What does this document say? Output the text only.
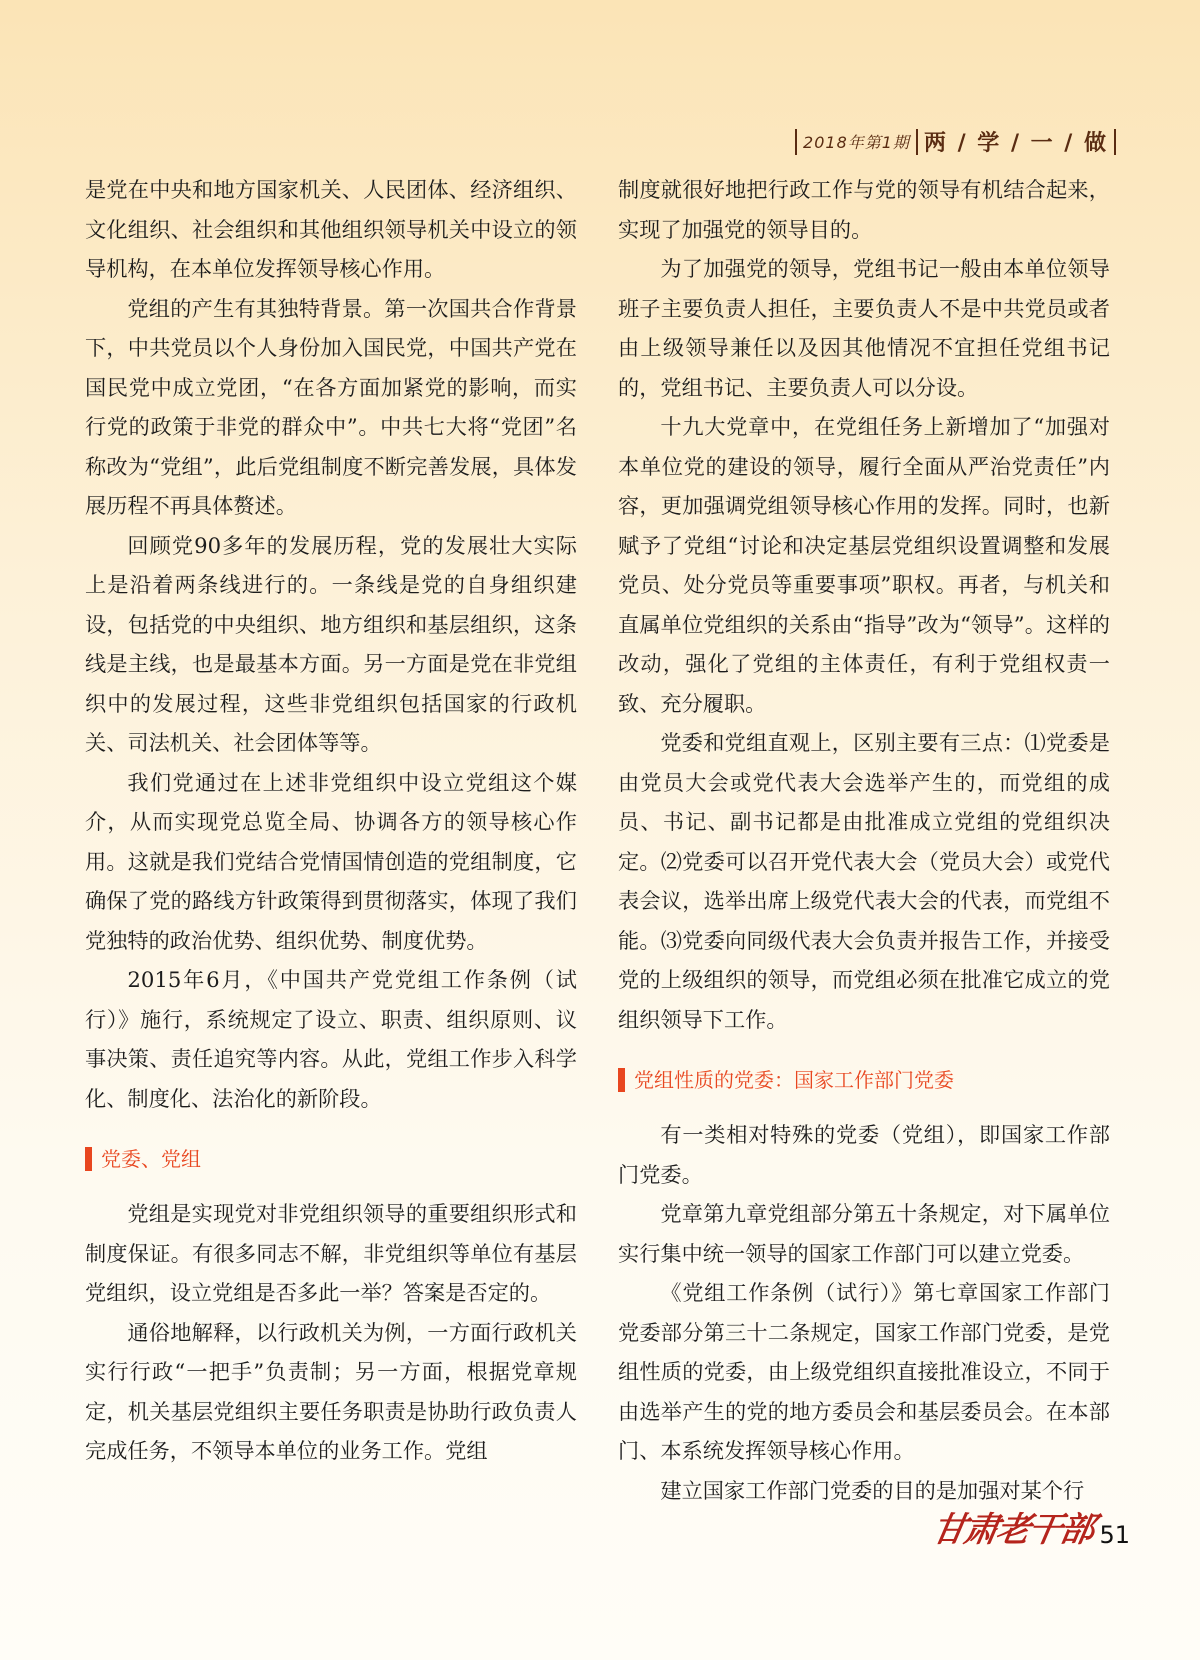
2018年第1期 两 / 学 / 一 / 做

是党在中央和地方国家机关、人民团体、经济组织、文化组织、社会组织和其他组织领导机关中设立的领导机构，在本单位发挥领导核心作用。

党组的产生有其独特背景。第一次国共合作背景下，中共党员以个人身份加入国民党，中国共产党在国民党中成立党团，“在各方面加紧党的影响，而实行党的政策于非党的群众中”。中共七大将“党团”名称改为“党组”，此后党组制度不断完善发展，具体发展历程不再具体赘述。

回顾党90多年的发展历程，党的发展壮大实际上是沿着两条线进行的。一条线是党的自身组织建设，包括党的中央组织、地方组织和基层组织，这条线是主线，也是最基本方面。另一方面是党在非党组织中的发展过程，这些非党组织包括国家的行政机关、司法机关、社会团体等等。

我们党通过在上述非党组织中设立党组这个媒介，从而实现党总览全局、协调各方的领导核心作用。这就是我们党结合党情国情创造的党组制度，它确保了党的路线方针政策得到贯彻落实，体现了我们党独特的政治优势、组织优势、制度优势。

2015年6月，《中国共产党党组工作条例（试行）》施行，系统规定了设立、职责、组织原则、议事决策、责任追究等内容。从此，党组工作步入科学化、制度化、法治化的新阶段。

党委、党组

党组是实现党对非党组织领导的重要组织形式和制度保证。有很多同志不解，非党组织等单位有基层党组织，设立党组是否多此一举？答案是否定的。

通俗地解释，以行政机关为例，一方面行政机关实行行政“一把手”负责制；另一方面，根据党章规定，机关基层党组织主要任务职责是协助行政负责人完成任务，不领导本单位的业务工作。党组

制度就很好地把行政工作与党的领导有机结合起来，实现了加强党的领导目的。

为了加强党的领导，党组书记一般由本单位领导班子主要负责人担任，主要负责人不是中共党员或者由上级领导兼任以及因其他情况不宜担任党组书记的，党组书记、主要负责人可以分设。

十九大党章中，在党组任务上新增加了“加强对本单位党的建设的领导，履行全面从严治党责任”内容，更加强调党组领导核心作用的发挥。同时，也新赋予了党组“讨论和决定基层党组织设置调整和发展党员、处分党员等重要事项”职权。再者，与机关和直属单位党组织的关系由“指导”改为“领导”。这样的改动，强化了党组的主体责任，有利于党组权责一致、充分履职。

党委和党组直观上，区别主要有三点：⑴党委是由党员大会或党代表大会选举产生的，而党组的成员、书记、副书记都是由批准成立党组的党组织决定。⑵党委可以召开党代表大会（党员大会）或党代表会议，选举出席上级党代表大会的代表，而党组不能。⑶党委向同级代表大会负责并报告工作，并接受党的上级组织的领导，而党组必须在批准它成立的党组织领导下工作。

党组性质的党委：国家工作部门党委

有一类相对特殊的党委（党组），即国家工作部门党委。

党章第九章党组部分第五十条规定，对下属单位实行集中统一领导的国家工作部门可以建立党委。

《党组工作条例（试行）》第七章国家工作部门党委部分第三十二条规定，国家工作部门党委，是党组性质的党委，由上级党组织直接批准设立，不同于由选举产生的党的地方委员会和基层委员会。在本部门、本系统发挥领导核心作用。

建立国家工作部门党委的目的是加强对某个行

甘肃老干部 51
